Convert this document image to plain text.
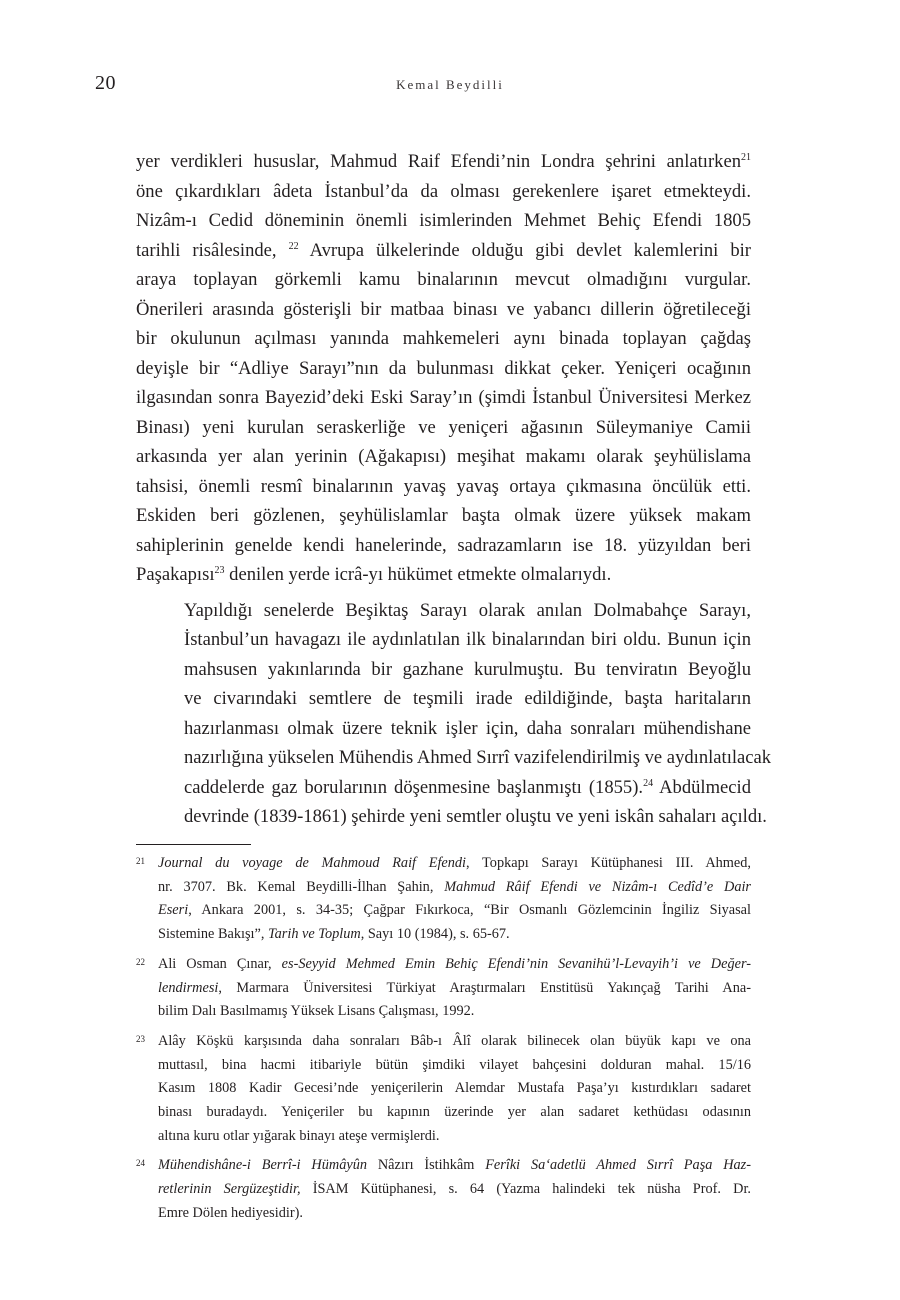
20	Kemal Beydilli

yer verdikleri hususlar, Mahmud Raif Efendi’nin Londra şehrini anlatırken$^{21}$
öne çıkardıkları âdeta İstanbul’da da olması gerekenlere işaret etmekteydi.
Nizâm-ı Cedid döneminin önemli isimlerinden Mehmet Behiç Efendi 1805
tarihli risâlesinde, $^{22}$ Avrupa ülkelerinde olduğu gibi devlet kalemlerini bir
araya toplayan görkemli kamu binalarının mevcut olmadığını vurgular.
Önerileri arasında gösterişli bir matbaa binası ve yabancı dillerin öğretileceği
bir okulunun açılması yanında mahkemeleri aynı binada toplayan çağdaş
deyişle bir “Adliye Sarayı”nın da bulunması dikkat çeker. Yeniçeri ocağının
ilgasından sonra Bayezid’deki Eski Saray’ın (şimdi İstanbul Üniversitesi Merkez
Binası) yeni kurulan seraskerliğe ve yeniçeri ağasının Süleymaniye Camii
arkasında yer alan yerinin (Ağakapısı) meşihat makamı olarak şeyhülislama
tahsisi, önemli resmî binalarının yavaş yavaş ortaya çıkmasına öncülük etti.
Eskiden beri gözlenen, şeyhülislamlar başta olmak üzere yüksek makam
sahiplerinin genelde kendi hanelerinde, sadrazamların ise 18. yüzyıldan beri
Paşakapısı$^{23}$ denilen yerde icrâ-yı hükümet etmekte olmalarıydı.

Yapıldığı senelerde Beşiktaş Sarayı olarak anılan Dolmabahçe Sarayı,
İstanbul’un havagazı ile aydınlatılan ilk binalarından biri oldu. Bunun için
mahsusen yakınlarında bir gazhane kurulmuştu. Bu tenviratın Beyoğlu
ve civarındaki semtlere de teşmili irade edildiğinde, başta haritaların
hazırlanması olmak üzere teknik işler için, daha sonraları mühendishane
nazırlığına yükselen Mühendis Ahmed Sırrî vazifelendirilmiş ve aydınlatılacak
caddelerde gaz borularının döşenmesine başlanmıştı (1855).$^{24}$ Abdülmecid
devrinde (1839-1861) şehirde yeni semtler oluştu ve yeni iskân sahaları açıldı.

21 Journal du voyage de Mahmoud Raif Efendi, Topkapı Sarayı Kütüphanesi III. Ahmed,
nr. 3707. Bk. Kemal Beydilli-İlhan Şahin, Mahmud Râif Efendi ve Nizâm-ı Cedîd’e Dair
Eseri, Ankara 2001, s. 34-35; Çağpar Fıkırkoca, “Bir Osmanlı Gözlemcinin İngiliz Siyasal
Sistemine Bakışı”, Tarih ve Toplum, Sayı 10 (1984), s. 65-67.
22 Ali Osman Çınar, es-Seyyid Mehmed Emin Behiç Efendi’nin Sevanihü’l-Levayih’i ve Değer-
lendirmesi, Marmara Üniversitesi Türkiyat Araştırmaları Enstitüsü Yakınçağ Tarihi Ana-
bilim Dalı Basılmamış Yüksek Lisans Çalışması, 1992.
23 Alây Köşkü karşısında daha sonraları Bâb-ı Âlî olarak bilinecek olan büyük kapı ve ona
muttasıl, bina hacmi itibariyle bütün şimdiki vilayet bahçesini dolduran mahal. 15/16
Kasım 1808 Kadir Gecesi’nde yeniçerilerin Alemdar Mustafa Paşa’yı kıstırdıkları sadaret
binası buradaydı. Yeniçeriler bu kapının üzerinde yer alan sadaret kethüdası odasının
altına kuru otlar yığarak binayı ateşe vermişlerdi.
24 Mühendishâne-i Berrî-i Hümâyûn Nâzırı İstihkâm Ferîki Sa‘adetlü Ahmed Sırrî Paşa Haz-
retlerinin Sergüzeştidir, İSAM Kütüphanesi, s. 64 (Yazma halindeki tek nüsha Prof. Dr.
Emre Dölen hediyesidir).
